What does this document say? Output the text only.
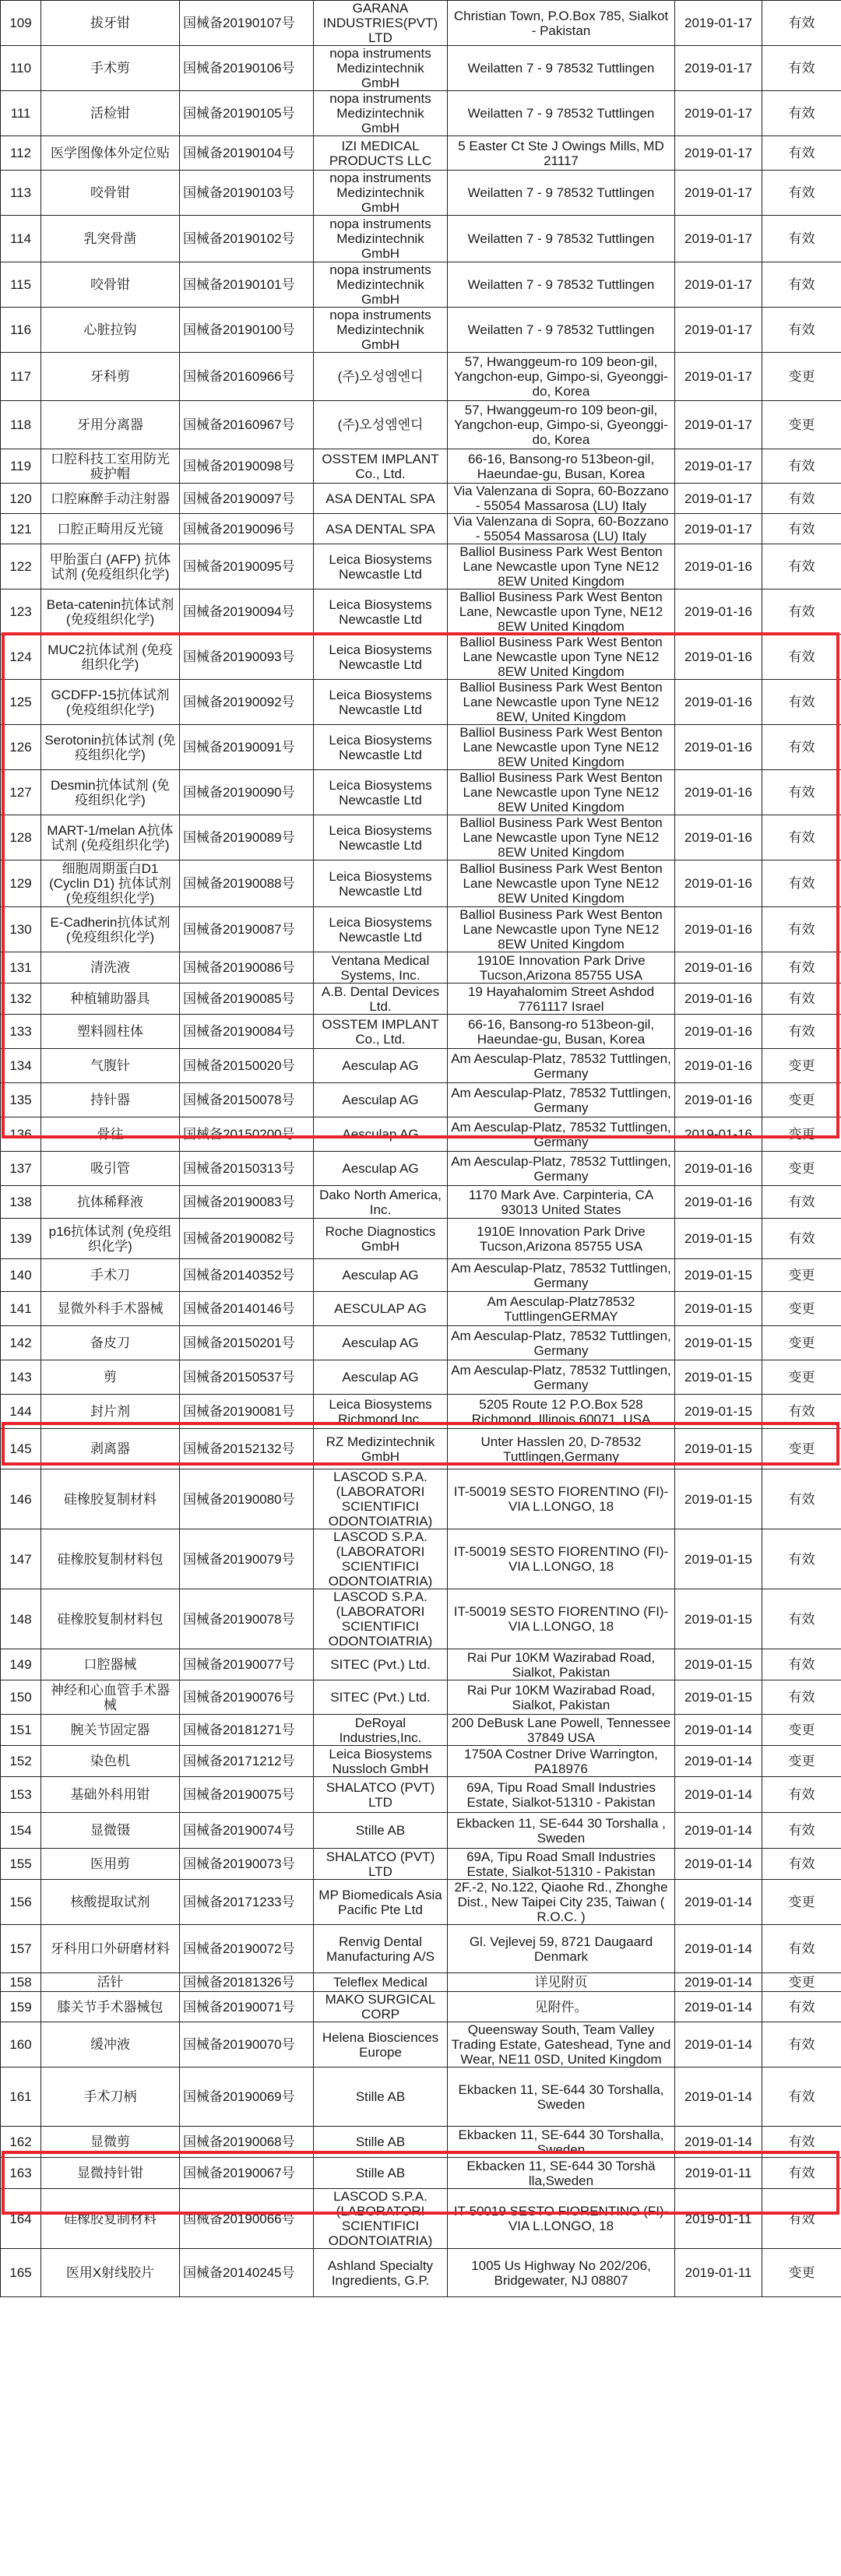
109	拔牙钳	国械备20190107号	GARANA INDUSTRIES(PVT) LTD	Christian Town, P.O.Box 785, Sialkot - Pakistan	2019-01-17	有效
110	手术剪	国械备20190106号	nopa instruments Medizintechnik GmbH	Weilatten 7 - 9 78532 Tuttlingen	2019-01-17	有效
111	活检钳	国械备20190105号	nopa instruments Medizintechnik GmbH	Weilatten 7 - 9 78532 Tuttlingen	2019-01-17	有效
112	医学图像体外定位贴	国械备20190104号	IZI MEDICAL PRODUCTS LLC	5 Easter Ct Ste J Owings Mills, MD 21117	2019-01-17	有效
113	咬骨钳	国械备20190103号	nopa instruments Medizintechnik GmbH	Weilatten 7 - 9 78532 Tuttlingen	2019-01-17	有效
114	乳突骨凿	国械备20190102号	nopa instruments Medizintechnik GmbH	Weilatten 7 - 9 78532 Tuttlingen	2019-01-17	有效
115	咬骨钳	国械备20190101号	nopa instruments Medizintechnik GmbH	Weilatten 7 - 9 78532 Tuttlingen	2019-01-17	有效
116	心脏拉钩	国械备20190100号	nopa instruments Medizintechnik GmbH	Weilatten 7 - 9 78532 Tuttlingen	2019-01-17	有效
117	牙科剪	国械备20160966号	(주)오성엠엔디	57, Hwanggeum-ro 109 beon-gil, Yangchon-eup, Gimpo-si, Gyeonggi-do, Korea	2019-01-17	变更
118	牙用分离器	国械备20160967号	(주)오성엠엔디	57, Hwanggeum-ro 109 beon-gil, Yangchon-eup, Gimpo-si, Gyeonggi-do, Korea	2019-01-17	变更
119	口腔科技工室用防光疲护帽	国械备20190098号	OSSTEM IMPLANT Co., Ltd.	66-16, Bansong-ro 513beon-gil, Haeundae-gu, Busan, Korea	2019-01-17	有效
120	口腔麻醉手动注射器	国械备20190097号	ASA DENTAL SPA	Via Valenzana di Sopra, 60-Bozzano - 55054 Massarosa (LU) Italy	2019-01-17	有效
121	口腔正畸用反光镜	国械备20190096号	ASA DENTAL SPA	Via Valenzana di Sopra, 60-Bozzano - 55054 Massarosa (LU) Italy	2019-01-17	有效
122	甲胎蛋白 (AFP) 抗体试剂 (免疫组织化学)	国械备20190095号	Leica Biosystems Newcastle Ltd	Balliol Business Park West Benton Lane Newcastle upon Tyne NE12 8EW United Kingdom	2019-01-16	有效
123	Beta-catenin抗体试剂 (免疫组织化学)	国械备20190094号	Leica Biosystems Newcastle Ltd	Balliol Business Park West Benton Lane, Newcastle upon Tyne, NE12 8EW United Kingdom	2019-01-16	有效
124	MUC2抗体试剂 (免疫组织化学)	国械备20190093号	Leica Biosystems Newcastle Ltd	Balliol Business Park West Benton Lane Newcastle upon Tyne NE12 8EW United Kingdom	2019-01-16	有效
125	GCDFP-15抗体试剂 (免疫组织化学)	国械备20190092号	Leica Biosystems Newcastle Ltd	Balliol Business Park West Benton Lane Newcastle upon Tyne NE12 8EW, United Kingdom	2019-01-16	有效
126	Serotonin抗体试剂 (免疫组织化学)	国械备20190091号	Leica Biosystems Newcastle Ltd	Balliol Business Park West Benton Lane Newcastle upon Tyne NE12 8EW United Kingdom	2019-01-16	有效
127	Desmin抗体试剂 (免疫组织化学)	国械备20190090号	Leica Biosystems Newcastle Ltd	Balliol Business Park West Benton Lane Newcastle upon Tyne NE12 8EW United Kingdom	2019-01-16	有效
128	MART-1/melan A抗体试剂 (免疫组织化学)	国械备20190089号	Leica Biosystems Newcastle Ltd	Balliol Business Park West Benton Lane Newcastle upon Tyne NE12 8EW United Kingdom	2019-01-16	有效
129	细胞周期蛋白D1 (Cyclin D1) 抗体试剂 (免疫组织化学)	国械备20190088号	Leica Biosystems Newcastle Ltd	Balliol Business Park West Benton Lane Newcastle upon Tyne NE12 8EW United Kingdom	2019-01-16	有效
130	E-Cadherin抗体试剂 (免疫组织化学)	国械备20190087号	Leica Biosystems Newcastle Ltd	Balliol Business Park West Benton Lane Newcastle upon Tyne NE12 8EW United Kingdom	2019-01-16	有效
131	清洗液	国械备20190086号	Ventana Medical Systems, Inc.	1910E Innovation Park Drive Tucson,Arizona 85755 USA	2019-01-16	有效
132	种植辅助器具	国械备20190085号	A.B. Dental Devices Ltd.	19 Hayahalomim Street Ashdod 7761117 Israel	2019-01-16	有效
133	塑料圆柱体	国械备20190084号	OSSTEM IMPLANT Co., Ltd.	66-16, Bansong-ro 513beon-gil, Haeundae-gu, Busan, Korea	2019-01-16	有效
134	气腹针	国械备20150020号	Aesculap AG	Am Aesculap-Platz, 78532 Tuttlingen, Germany	2019-01-16	变更
135	持针器	国械备20150078号	Aesculap AG	Am Aesculap-Platz, 78532 Tuttlingen, Germany	2019-01-16	变更
136	骨往	国械备20150200号	Aesculap AG	Am Aesculap-Platz, 78532 Tuttlingen, Germany	2019-01-16	变更
137	吸引管	国械备20150313号	Aesculap AG	Am Aesculap-Platz, 78532 Tuttlingen, Germany	2019-01-16	变更
138	抗体稀释液	国械备20190083号	Dako North America, Inc.	1170 Mark Ave. Carpinteria, CA 93013 United States	2019-01-16	有效
139	p16抗体试剂 (免疫组织化学)	国械备20190082号	Roche Diagnostics GmbH	1910E Innovation Park Drive Tucson,Arizona 85755 USA	2019-01-15	有效
140	手术刀	国械备20140352号	Aesculap AG	Am Aesculap-Platz, 78532 Tuttlingen, Germany	2019-01-15	变更
141	显微外科手术器械	国械备20140146号	AESCULAP AG	Am Aesculap-Platz78532 TuttlingenGERMAY	2019-01-15	变更
142	备皮刀	国械备20150201号	Aesculap AG	Am Aesculap-Platz, 78532 Tuttlingen, Germany	2019-01-15	变更
143	剪	国械备20150537号	Aesculap AG	Am Aesculap-Platz, 78532 Tuttlingen, Germany	2019-01-15	变更
144	封片剂	国械备20190081号	Leica Biosystems Richmond,Inc.	5205 Route 12 P.O.Box 528 Richmond, Illinois 60071, USA	2019-01-15	有效
145	剥离器	国械备20152132号	RZ Medizintechnik GmbH	Unter Hasslen 20, D-78532 Tuttlingen,Germany	2019-01-15	变更
146	硅橡胶复制材料	国械备20190080号	LASCOD S.P.A. (LABORATORI SCIENTIFICI ODONTOIATRIA)	IT-50019 SESTO FIORENTINO (FI)-VIA L.LONGO, 18	2019-01-15	有效
147	硅橡胶复制材料包	国械备20190079号	LASCOD S.P.A. (LABORATORI SCIENTIFICI ODONTOIATRIA)	IT-50019 SESTO FIORENTINO (FI)-VIA L.LONGO, 18	2019-01-15	有效
148	硅橡胶复制材料包	国械备20190078号	LASCOD S.P.A. (LABORATORI SCIENTIFICI ODONTOIATRIA)	IT-50019 SESTO FIORENTINO (FI)-VIA L.LONGO, 18	2019-01-15	有效
149	口腔器械	国械备20190077号	SITEC (Pvt.) Ltd.	Rai Pur 10KM Wazirabad Road, Sialkot, Pakistan	2019-01-15	有效
150	神经和心血管手术器械	国械备20190076号	SITEC (Pvt.) Ltd.	Rai Pur 10KM Wazirabad Road, Sialkot, Pakistan	2019-01-15	有效
151	腕关节固定器	国械备20181271号	DeRoyal Industries,Inc.	200 DeBusk Lane Powell, Tennessee 37849 USA	2019-01-14	变更
152	染色机	国械备20171212号	Leica Biosystems Nussloch GmbH	1750A Costner Drive Warrington, PA18976	2019-01-14	变更
153	基础外科用钳	国械备20190075号	SHALATCO (PVT) LTD	69A, Tipu Road Small Industries Estate, Sialkot-51310 - Pakistan	2019-01-14	有效
154	显微镊	国械备20190074号	Stille AB	Ekbacken 11, SE-644 30 Torshalla , Sweden	2019-01-14	有效
155	医用剪	国械备20190073号	SHALATCO (PVT) LTD	69A, Tipu Road Small Industries Estate, Sialkot-51310 - Pakistan	2019-01-14	有效
156	核酸提取试剂	国械备20171233号	MP Biomedicals Asia Pacific Pte Ltd	2F.-2, No.122, Qiaohe Rd., Zhonghe Dist., New Taipei City 235, Taiwan ( R.O.C. )	2019-01-14	变更
157	牙科用口外研磨材料	国械备20190072号	Renvig Dental Manufacturing A/S	Gl. Vejlevej 59, 8721 Daugaard Denmark	2019-01-14	有效
158	活针	国械备20181326号	Teleflex Medical	详见附页	2019-01-14	变更
159	膝关节手术器械包	国械备20190071号	MAKO SURGICAL CORP	见附件。	2019-01-14	有效
160	缓冲液	国械备20190070号	Helena Biosciences Europe	Queensway South, Team Valley Trading Estate, Gateshead, Tyne and Wear, NE11 0SD, United Kingdom	2019-01-14	有效
161	手术刀柄	国械备20190069号	Stille AB	Ekbacken 11, SE-644 30 Torshalla, Sweden	2019-01-14	有效
162	显微剪	国械备20190068号	Stille AB	Ekbacken 11, SE-644 30 Torshalla, Sweden	2019-01-14	有效
163	显微持针钳	国械备20190067号	Stille AB	Ekbacken 11, SE-644 30 Torshä lla,Sweden	2019-01-11	有效
164	硅橡胶复制材料	国械备20190066号	LASCOD S.P.A. (LABORATORI SCIENTIFICI ODONTOIATRIA)	IT-50019 SESTO FIORENTINO (FI)-VIA L.LONGO, 18	2019-01-11	有效
165	医用X射线胶片	国械备20140245号	Ashland Specialty Ingredients, G.P.	1005 Us Highway No 202/206, Bridgewater, NJ 08807	2019-01-11	变更
